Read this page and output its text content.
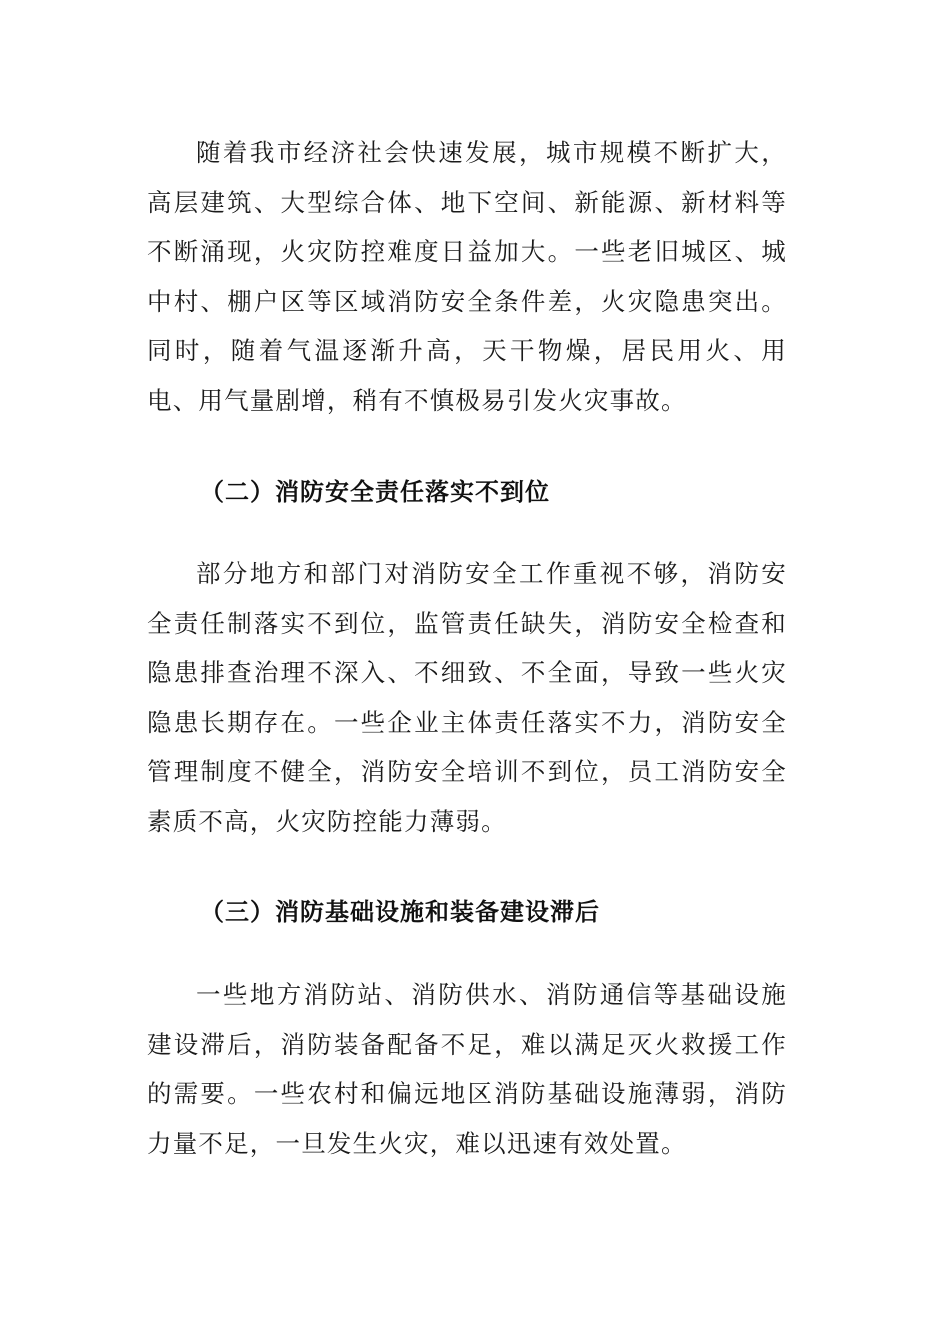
随着我市经济社会快速发展，城市规模不断扩大，高层建筑、大型综合体、地下空间、新能源、新材料等不断涌现，火灾防控难度日益加大。一些老旧城区、城中村、棚户区等区域消防安全条件差，火灾隐患突出。同时，随着气温逐渐升高，天干物燥，居民用火、用电、用气量剧增，稍有不慎极易引发火灾事故。

（二）消防安全责任落实不到位

部分地方和部门对消防安全工作重视不够，消防安全责任制落实不到位，监管责任缺失，消防安全检查和隐患排查治理不深入、不细致、不全面，导致一些火灾隐患长期存在。一些企业主体责任落实不力，消防安全管理制度不健全，消防安全培训不到位，员工消防安全素质不高，火灾防控能力薄弱。

（三）消防基础设施和装备建设滞后

一些地方消防站、消防供水、消防通信等基础设施建设滞后，消防装备配备不足，难以满足灭火救援工作的需要。一些农村和偏远地区消防基础设施薄弱，消防力量不足，一旦发生火灾，难以迅速有效处置。
